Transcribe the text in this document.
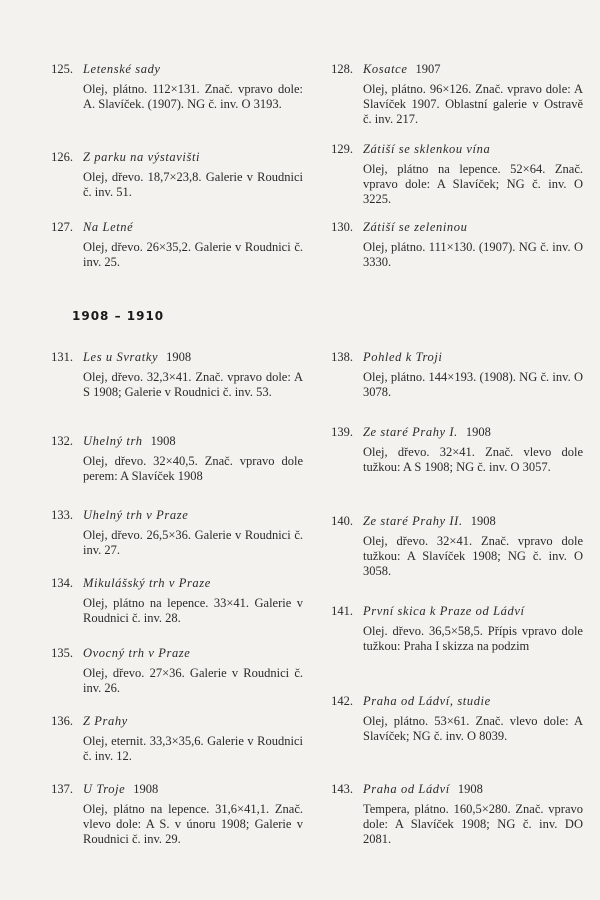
125. Letenské sady
Olej, plátno. 112×131. Znač. vpravo dole: A. Slavíček. (1907). NG č. inv. O 3193.
126. Z parku na výstavišti
Olej, dřevo. 18,7×23,8. Galerie v Roudnici č. inv. 51.
127. Na Letné
Olej, dřevo. 26×35,2. Galerie v Roudnici č. inv. 25.
128. Kosatce 1907
Olej, plátno. 96×126. Znač. vpravo dole: A Slavíček 1907. Oblastní galerie v Ostravě č. inv. 217.
129. Zátiší se sklenkou vína
Olej, plátno na lepence. 52×64. Znač. vpravo dole: A Slavíček; NG č. inv. O 3225.
130. Zátiší se zeleninou
Olej, plátno. 111×130. (1907). NG č. inv. O 3330.
1908 – 1910
131. Les u Svratky 1908
Olej, dřevo. 32,3×41. Znač. vpravo dole: A S 1908; Galerie v Roudnici č. inv. 53.
132. Uhelný trh 1908
Olej, dřevo. 32×40,5. Znač. vpravo dole perem: A Slavíček 1908
133. Uhelný trh v Praze
Olej, dřevo. 26,5×36. Galerie v Roudnici č. inv. 27.
134. Mikulášský trh v Praze
Olej, plátno na lepence. 33×41. Galerie v Roudnici č. inv. 28.
135. Ovocný trh v Praze
Olej, dřevo. 27×36. Galerie v Roudnici č. inv. 26.
136. Z Prahy
Olej, eternit. 33,3×35,6. Galerie v Roudnici č. inv. 12.
137. U Troje 1908
Olej, plátno na lepence. 31,6×41,1. Znač. vlevo dole: A S. v únoru 1908; Galerie v Roudnici č. inv. 29.
138. Pohled k Troji
Olej, plátno. 144×193. (1908). NG č. inv. O 3078.
139. Ze staré Prahy I. 1908
Olej, dřevo. 32×41. Znač. vlevo dole tužkou: A S 1908; NG č. inv. O 3057.
140. Ze staré Prahy II. 1908
Olej, dřevo. 32×41. Znač. vpravo dole tužkou: A Slavíček 1908; NG č. inv. O 3058.
141. První skica k Praze od Ládví
Olej. dřevo. 36,5×58,5. Přípis vpravo dole tužkou: Praha I skizza na podzim
142. Praha od Ládví, studie
Olej, plátno. 53×61. Znač. vlevo dole: A Slavíček; NG č. inv. O 8039.
143. Praha od Ládví 1908
Tempera, plátno. 160,5×280. Znač. vpravo dole: A Slavíček 1908; NG č. inv. DO 2081.
